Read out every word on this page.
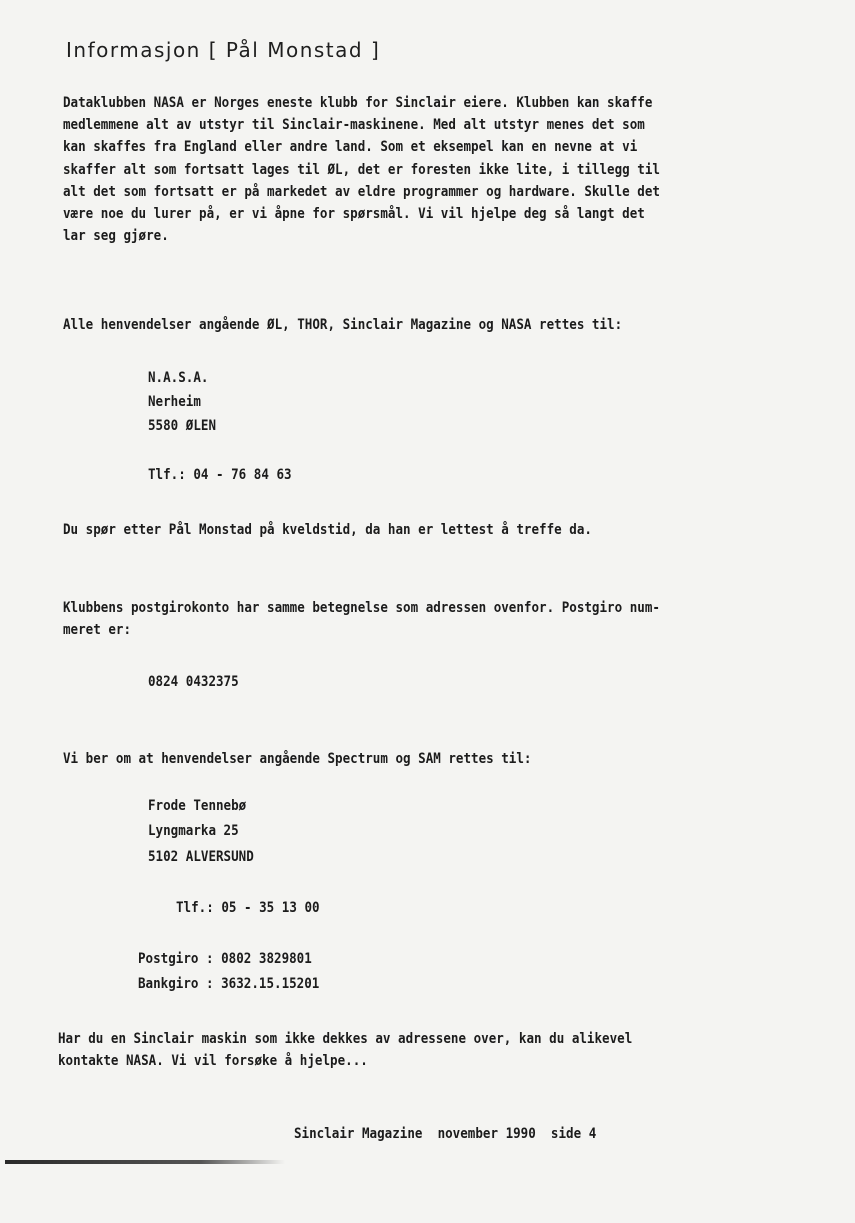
Informasjon [ Pål Monstad ]
Dataklubben NASA er Norges eneste klubb for Sinclair eiere. Klubben kan skaffe
medlemmene alt av utstyr til Sinclair-maskinene. Med alt utstyr menes det som
kan skaffes fra England eller andre land. Som et eksempel kan en nevne at vi
skaffer alt som fortsatt lages til ØL, det er foresten ikke lite, i tillegg til
alt det som fortsatt er på markedet av eldre programmer og hardware. Skulle det
være noe du lurer på, er vi åpne for spørsmål. Vi vil hjelpe deg så langt det
lar seg gjøre.
Alle henvendelser angående ØL, THOR, Sinclair Magazine og NASA rettes til:
N.A.S.A.
Nerheim
5580 ØLEN
Tlf.: 04 - 76 84 63
Du spør etter Pål Monstad på kveldstid, da han er lettest å treffe da.
Klubbens postgirokonto har samme betegnelse som adressen ovenfor. Postgiro num-
meret er:
0824 0432375
Vi ber om at henvendelser angående Spectrum og SAM rettes til:
Frode Tennebø
Lyngmarka 25
5102 ALVERSUND
Tlf.: 05 - 35 13 00
Postgiro : 0802 3829801
Bankgiro : 3632.15.15201
Har du en Sinclair maskin som ikke dekkes av adressene over, kan du alikevel
kontakte NASA. Vi vil forsøke å hjelpe...
Sinclair Magazine  november 1990  side 4
